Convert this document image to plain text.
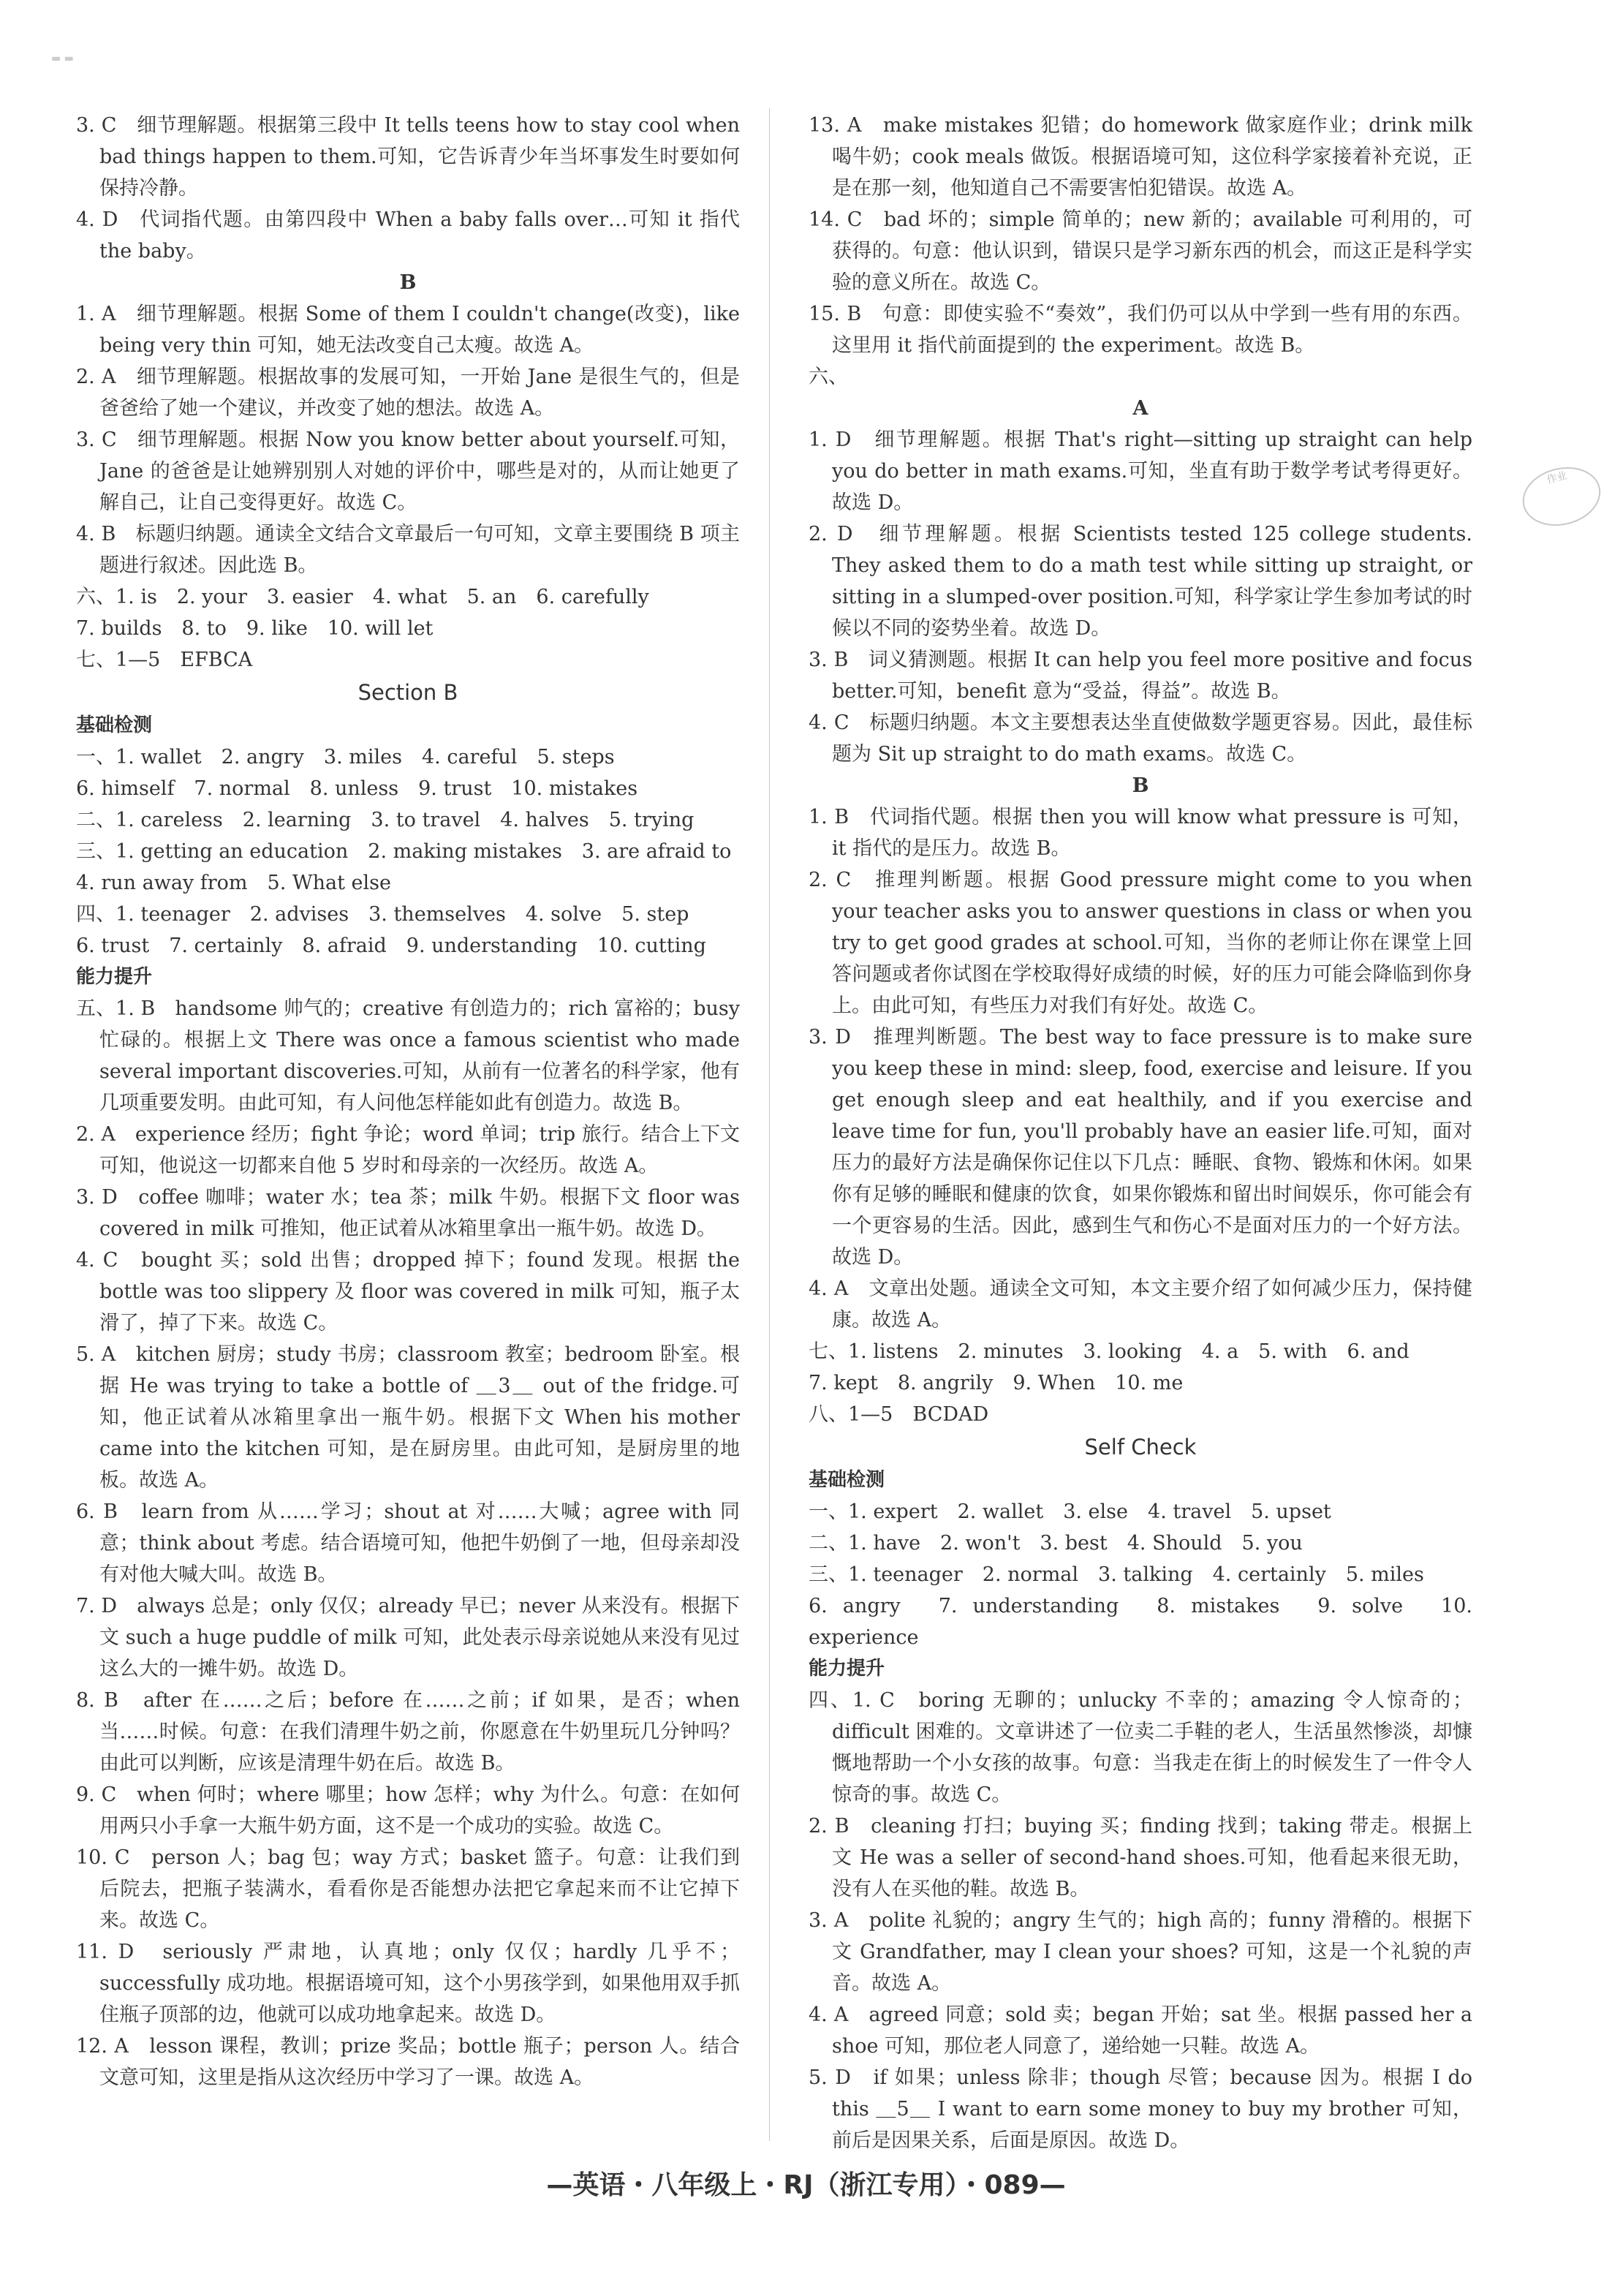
▬ ▬

3. C　细节理解题。根据第三段中 It tells teens how to stay cool when bad things happen to them.可知，它告诉青少年当坏事发生时要如何保持冷静。

4. D　代词指代题。由第四段中 When a baby falls over…可知 it 指代 the baby。

B

1. A　细节理解题。根据 Some of them I couldn't change(改变)，like being very thin 可知，她无法改变自己太瘦。故选 A。

2. A　细节理解题。根据故事的发展可知，一开始 Jane 是很生气的，但是爸爸给了她一个建议，并改变了她的想法。故选 A。

3. C　细节理解题。根据 Now you know better about yourself.可知，Jane 的爸爸是让她辨别别人对她的评价中，哪些是对的，从而让她更了解自己，让自己变得更好。故选 C。

4. B　标题归纳题。通读全文结合文章最后一句可知，文章主要围绕 B 项主题进行叙述。因此选 B。

六、1. is　2. your　3. easier　4. what　5. an　6. carefully

7. builds　8. to　9. like　10. will let

七、1—5　EFBCA

Section B

基础检测

一、1. wallet　2. angry　3. miles　4. careful　5. steps

6. himself　7. normal　8. unless　9. trust　10. mistakes

二、1. careless　2. learning　3. to travel　4. halves　5. trying

三、1. getting an education　2. making mistakes　3. are afraid to

4. run away from　5. What else

四、1. teenager　2. advises　3. themselves　4. solve　5. step

6. trust　7. certainly　8. afraid　9. understanding　10. cutting

能力提升

五、1. B　handsome 帅气的；creative 有创造力的；rich 富裕的；busy 忙碌的。根据上文 There was once a famous scientist who made several important discoveries.可知，从前有一位著名的科学家，他有几项重要发明。由此可知，有人问他怎样能如此有创造力。故选 B。

2. A　experience 经历；fight 争论；word 单词；trip 旅行。结合上下文可知，他说这一切都来自他 5 岁时和母亲的一次经历。故选 A。

3. D　coffee 咖啡；water 水；tea 茶；milk 牛奶。根据下文 floor was covered in milk 可推知，他正试着从冰箱里拿出一瓶牛奶。故选 D。

4. C　bought 买；sold 出售；dropped 掉下；found 发现。根据 the bottle was too slippery 及 floor was covered in milk 可知，瓶子太滑了，掉了下来。故选 C。

5. A　kitchen 厨房；study 书房；classroom 教室；bedroom 卧室。根据 He was trying to take a bottle of ＿3＿ out of the fridge.可知，他正试着从冰箱里拿出一瓶牛奶。根据下文 When his mother came into the kitchen 可知，是在厨房里。由此可知，是厨房里的地板。故选 A。

6. B　learn from 从……学习；shout at 对……大喊；agree with 同意；think about 考虑。结合语境可知，他把牛奶倒了一地，但母亲却没有对他大喊大叫。故选 B。

7. D　always 总是；only 仅仅；already 早已；never 从来没有。根据下文 such a huge puddle of milk 可知，此处表示母亲说她从来没有见过这么大的一摊牛奶。故选 D。

8. B　after 在……之后；before 在……之前；if 如果，是否；when 当……时候。句意：在我们清理牛奶之前，你愿意在牛奶里玩几分钟吗？由此可以判断，应该是清理牛奶在后。故选 B。

9. C　when 何时；where 哪里；how 怎样；why 为什么。句意：在如何用两只小手拿一大瓶牛奶方面，这不是一个成功的实验。故选 C。

10. C　person 人；bag 包；way 方式；basket 篮子。句意：让我们到后院去，把瓶子装满水，看看你是否能想办法把它拿起来而不让它掉下来。故选 C。

11. D　seriously 严肃地，认真地；only 仅仅；hardly 几乎不；successfully 成功地。根据语境可知，这个小男孩学到，如果他用双手抓住瓶子顶部的边，他就可以成功地拿起来。故选 D。

12. A　lesson 课程，教训；prize 奖品；bottle 瓶子；person 人。结合文意可知，这里是指从这次经历中学习了一课。故选 A。

13. A　make mistakes 犯错；do homework 做家庭作业；drink milk 喝牛奶；cook meals 做饭。根据语境可知，这位科学家接着补充说，正是在那一刻，他知道自己不需要害怕犯错误。故选 A。

14. C　bad 坏的；simple 简单的；new 新的；available 可利用的，可获得的。句意：他认识到，错误只是学习新东西的机会，而这正是科学实验的意义所在。故选 C。

15. B　句意：即使实验不“奏效”，我们仍可以从中学到一些有用的东西。这里用 it 指代前面提到的 the experiment。故选 B。

六、

A

1. D　细节理解题。根据 That's right—sitting up straight can help you do better in math exams.可知，坐直有助于数学考试考得更好。故选 D。

2. D　细节理解题。根据 Scientists tested 125 college students. They asked them to do a math test while sitting up straight, or sitting in a slumped-over position.可知，科学家让学生参加考试的时候以不同的姿势坐着。故选 D。

3. B　词义猜测题。根据 It can help you feel more positive and focus better.可知，benefit 意为“受益，得益”。故选 B。

4. C　标题归纳题。本文主要想表达坐直使做数学题更容易。因此，最佳标题为 Sit up straight to do math exams。故选 C。

B

1. B　代词指代题。根据 then you will know what pressure is 可知，it 指代的是压力。故选 B。

2. C　推理判断题。根据 Good pressure might come to you when your teacher asks you to answer questions in class or when you try to get good grades at school.可知，当你的老师让你在课堂上回答问题或者你试图在学校取得好成绩的时候，好的压力可能会降临到你身上。由此可知，有些压力对我们有好处。故选 C。

3. D　推理判断题。The best way to face pressure is to make sure you keep these in mind: sleep, food, exercise and leisure. If you get enough sleep and eat healthily, and if you exercise and leave time for fun, you'll probably have an easier life.可知，面对压力的最好方法是确保你记住以下几点：睡眠、食物、锻炼和休闲。如果你有足够的睡眠和健康的饮食，如果你锻炼和留出时间娱乐，你可能会有一个更容易的生活。因此，感到生气和伤心不是面对压力的一个好方法。故选 D。

4. A　文章出处题。通读全文可知，本文主要介绍了如何减少压力，保持健康。故选 A。

七、1. listens　2. minutes　3. looking　4. a　5. with　6. and

7. kept　8. angrily　9. When　10. me

八、1—5　BCDAD

Self Check

基础检测

一、1. expert　2. wallet　3. else　4. travel　5. upset

二、1. have　2. won't　3. best　4. Should　5. you

三、1. teenager　2. normal　3. talking　4. certainly　5. miles

6. angry　7. understanding　8. mistakes　9. solve　10. experience

能力提升

四、1. C　boring 无聊的；unlucky 不幸的；amazing 令人惊奇的；difficult 困难的。文章讲述了一位卖二手鞋的老人，生活虽然惨淡，却慷慨地帮助一个小女孩的故事。句意：当我走在街上的时候发生了一件令人惊奇的事。故选 C。

2. B　cleaning 打扫；buying 买；finding 找到；taking 带走。根据上文 He was a seller of second-hand shoes.可知，他看起来很无助，没有人在买他的鞋。故选 B。

3. A　polite 礼貌的；angry 生气的；high 高的；funny 滑稽的。根据下文 Grandfather, may I clean your shoes? 可知，这是一个礼貌的声音。故选 A。

4. A　agreed 同意；sold 卖；began 开始；sat 坐。根据 passed her a shoe 可知，那位老人同意了，递给她一只鞋。故选 A。

5. D　if 如果；unless 除非；though 尽管；because 因为。根据 I do this ＿5＿ I want to earn some money to buy my brother 可知，前后是因果关系，后面是原因。故选 D。

作业
—英语・八年级上・RJ（浙江专用）・089—
